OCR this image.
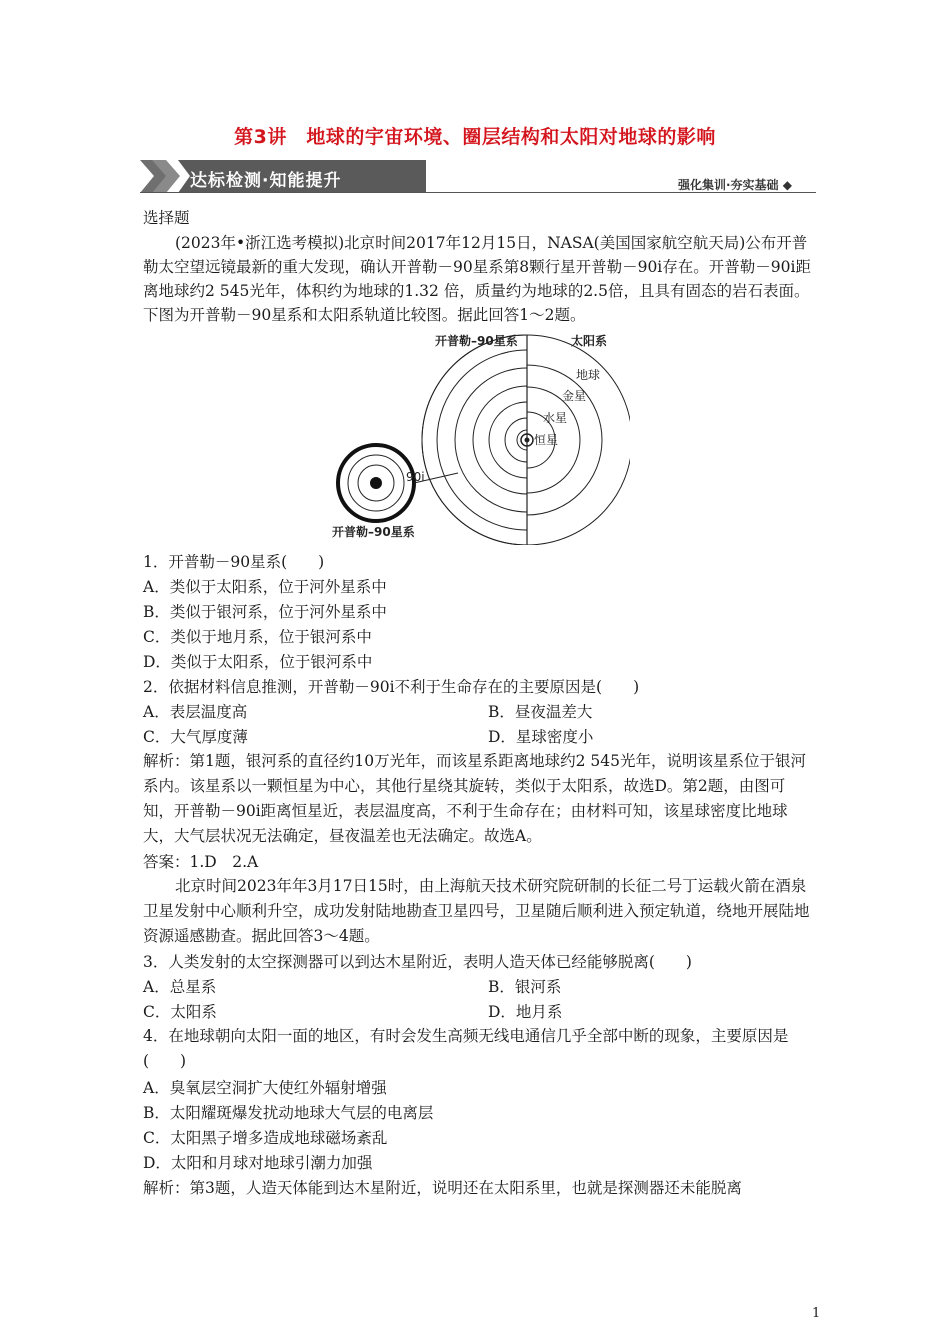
第3讲　地球的宇宙环境、圈层结构和太阳对地球的影响
达标检测·知能提升	强化集训·夯实基础 ◆
选择题
(2023年•浙江选考模拟)北京时间2017年12月15日，NASA(美国国家航空航天局)公布开普勒太空望远镜最新的重大发现，确认开普勒－90星系第8颗行星开普勒－90i存在。开普勒－90i距离地球约2 545光年，体积约为地球的1.32 倍，质量约为地球的2.5倍，且具有固态的岩石表面。下图为开普勒－90星系和太阳系轨道比较图。据此回答1～2题。
开普勒–90星系	太阳系
地球
金星
水星
恒星
90i
开普勒–90星系
1．开普勒－90星系(　　)
A．类似于太阳系，位于河外星系中
B．类似于银河系，位于河外星系中
C．类似于地月系，位于银河系中
D．类似于太阳系，位于银河系中
2．依据材料信息推测，开普勒－90i不利于生命存在的主要原因是(　　)
A．表层温度高	B．昼夜温差大
C．大气厚度薄	D．星球密度小
解析：第1题，银河系的直径约10万光年，而该星系距离地球约2 545光年，说明该星系位于银河系内。该星系以一颗恒星为中心，其他行星绕其旋转，类似于太阳系，故选D。第2题，由图可知，开普勒－90i距离恒星近，表层温度高，不利于生命存在；由材料可知，该星球密度比地球大，大气层状况无法确定，昼夜温差也无法确定。故选A。
答案：1.D　2.A
北京时间2023年年3月17日15时，由上海航天技术研究院研制的长征二号丁运载火箭在酒泉卫星发射中心顺利升空，成功发射陆地勘查卫星四号，卫星随后顺利进入预定轨道，绕地开展陆地资源遥感勘查。据此回答3～4题。
3．人类发射的太空探测器可以到达木星附近，表明人造天体已经能够脱离(　　)
A．总星系	B．银河系
C．太阳系	D．地月系
4．在地球朝向太阳一面的地区，有时会发生高频无线电通信几乎全部中断的现象，主要原因是(　　)
A．臭氧层空洞扩大使红外辐射增强
B．太阳耀斑爆发扰动地球大气层的电离层
C．太阳黑子增多造成地球磁场紊乱
D．太阳和月球对地球引潮力加强
解析：第3题，人造天体能到达木星附近，说明还在太阳系里，也就是探测器还未能脱离
1
